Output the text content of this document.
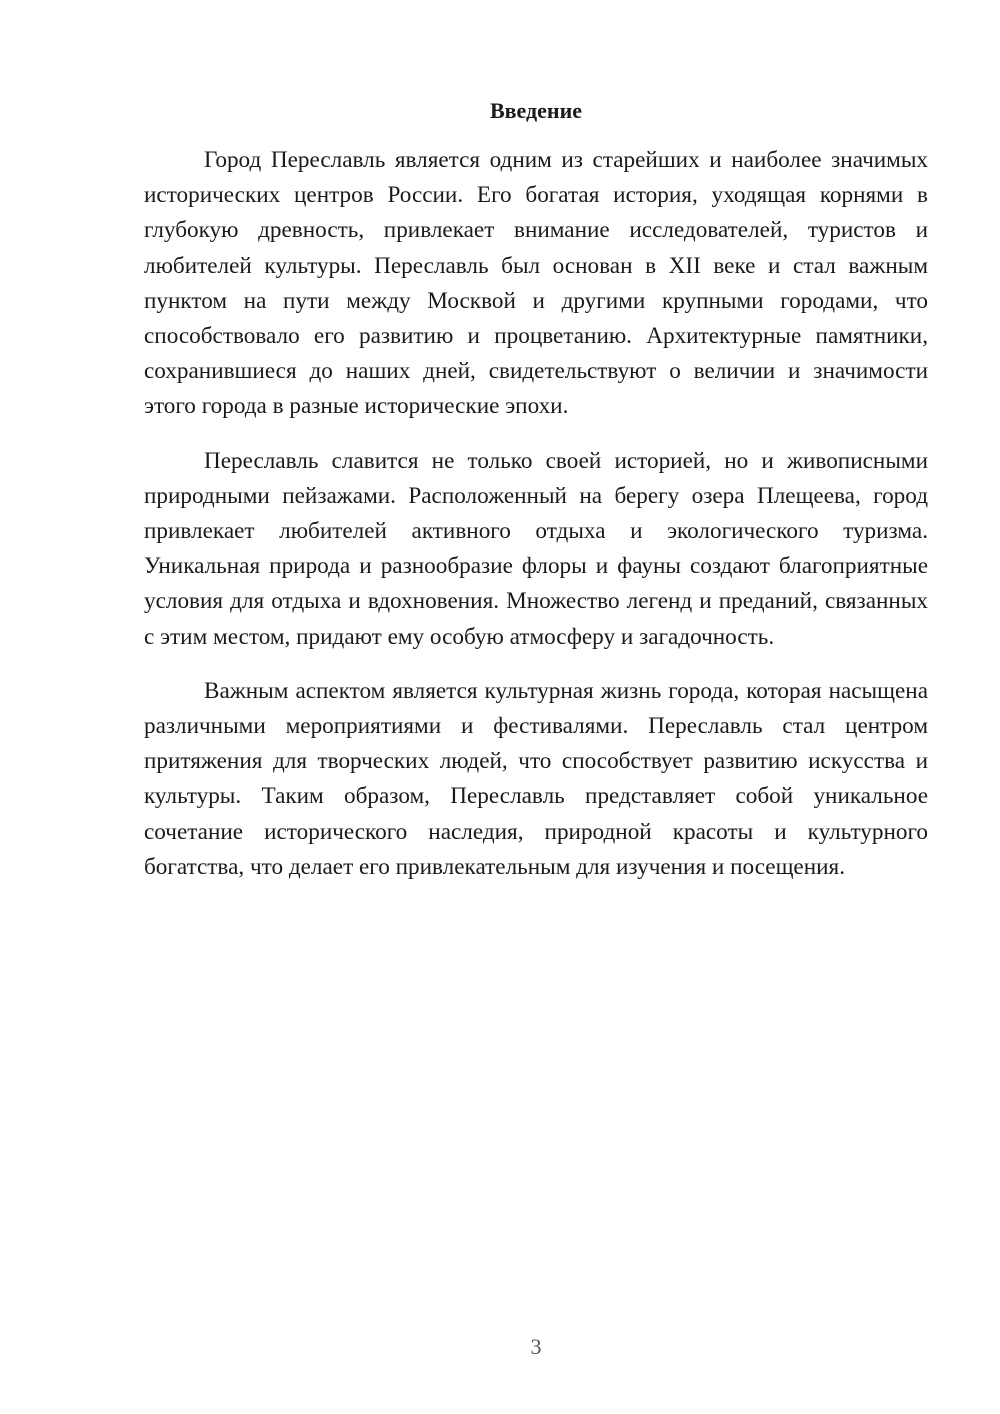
Введение

Город Переславль является одним из старейших и наиболее значимых исторических центров России. Его богатая история, уходящая корнями в глубокую древность, привлекает внимание исследователей, туристов и любителей культуры. Переславль был основан в XII веке и стал важным пунктом на пути между Москвой и другими крупными городами, что способствовало его развитию и процветанию. Архитектурные памятники, сохранившиеся до наших дней, свидетельствуют о величии и значимости этого города в разные исторические эпохи.

Переславль славится не только своей историей, но и живописными природными пейзажами. Расположенный на берегу озера Плещеева, город привлекает любителей активного отдыха и экологического туризма. Уникальная природа и разнообразие флоры и фауны создают благоприятные условия для отдыха и вдохновения. Множество легенд и преданий, связанных с этим местом, придают ему особую атмосферу и загадочность.

Важным аспектом является культурная жизнь города, которая насыщена различными мероприятиями и фестивалями. Переславль стал центром притяжения для творческих людей, что способствует развитию искусства и культуры. Таким образом, Переславль представляет собой уникальное сочетание исторического наследия, природной красоты и культурного богатства, что делает его привлекательным для изучения и посещения.

3
